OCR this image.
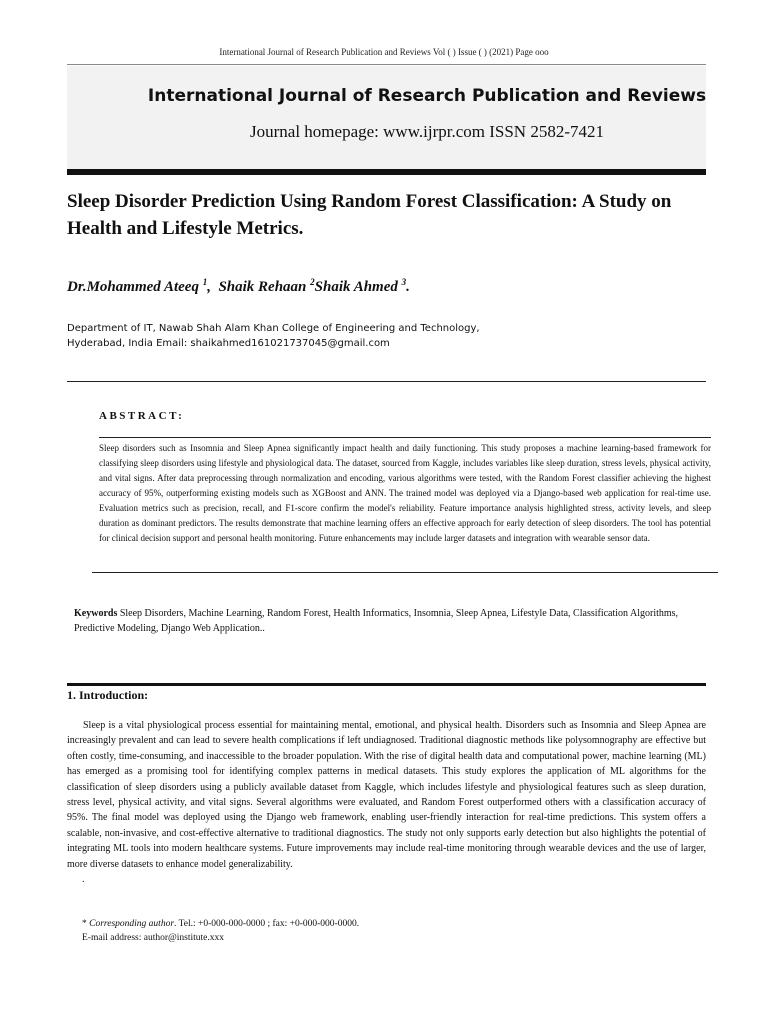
International Journal of Research Publication and Reviews Vol ( ) Issue ( ) (2021) Page ooo
International Journal of Research Publication and Reviews
Journal homepage: www.ijrpr.com ISSN 2582-7421
Sleep Disorder Prediction Using Random Forest Classification: A Study on Health and Lifestyle Metrics.
Dr.Mohammed Ateeq $^1$,  Shaik Rehaan $^2$Shaik Ahmed $^3$.
Department of IT, Nawab Shah Alam Khan College of Engineering and Technology,
Hyderabad, India Email: shaikahmed161021737045@gmail.com
ABSTRACT:
Sleep disorders such as Insomnia and Sleep Apnea significantly impact health and daily functioning. This study proposes a machine learning-based framework for classifying sleep disorders using lifestyle and physiological data. The dataset, sourced from Kaggle, includes variables like sleep duration, stress levels, physical activity, and vital signs. After data preprocessing through normalization and encoding, various algorithms were tested, with the Random Forest classifier achieving the highest accuracy of 95%, outperforming existing models such as XGBoost and ANN. The trained model was deployed via a Django-based web application for real-time use. Evaluation metrics such as precision, recall, and F1-score confirm the model's reliability. Feature importance analysis highlighted stress, activity levels, and sleep duration as dominant predictors. The results demonstrate that machine learning offers an effective approach for early detection of sleep disorders. The tool has potential for clinical decision support and personal health monitoring. Future enhancements may include larger datasets and integration with wearable sensor data.
Keywords Sleep Disorders, Machine Learning, Random Forest, Health Informatics, Insomnia, Sleep Apnea, Lifestyle Data, Classification Algorithms, Predictive Modeling, Django Web Application..
1. Introduction:
Sleep is a vital physiological process essential for maintaining mental, emotional, and physical health. Disorders such as Insomnia and Sleep Apnea are increasingly prevalent and can lead to severe health complications if left undiagnosed. Traditional diagnostic methods like polysomnography are effective but often costly, time-consuming, and inaccessible to the broader population. With the rise of digital health data and computational power, machine learning (ML) has emerged as a promising tool for identifying complex patterns in medical datasets. This study explores the application of ML algorithms for the classification of sleep disorders using a publicly available dataset from Kaggle, which includes lifestyle and physiological features such as sleep duration, stress level, physical activity, and vital signs. Several algorithms were evaluated, and Random Forest outperformed others with a classification accuracy of 95%. The final model was deployed using the Django web framework, enabling user-friendly interaction for real-time predictions. This system offers a scalable, non-invasive, and cost-effective alternative to traditional diagnostics. The study not only supports early detection but also highlights the potential of integrating ML tools into modern healthcare systems. Future improvements may include real-time monitoring through wearable devices and the use of larger, more diverse datasets to enhance model generalizability.
.
* Corresponding author. Tel.: +0-000-000-0000 ; fax: +0-000-000-0000.
E-mail address: author@institute.xxx
